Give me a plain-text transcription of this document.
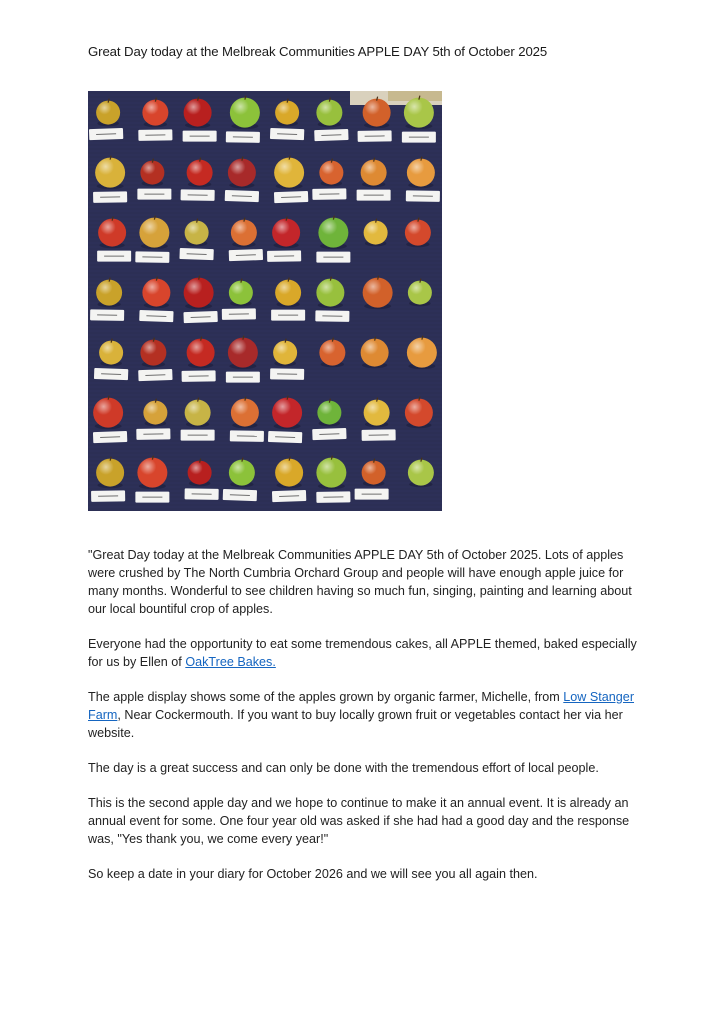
Great Day today at the Melbreak Communities APPLE DAY 5th of October 2025

"Great Day today at the Melbreak Communities APPLE DAY 5th of October 2025. Lots of apples were crushed by The North Cumbria Orchard Group and people will have enough apple juice for many months. Wonderful to see children having so much fun, singing, painting and learning about our local bountiful crop of apples.

Everyone had the opportunity to eat some tremendous cakes, all APPLE themed, baked especially for us by Ellen of OakTree Bakes.

The apple display shows some of the apples grown by organic farmer, Michelle, from Low Stanger Farm, Near Cockermouth. If you want to buy locally grown fruit or vegetables contact her via her website.

The day is a great success and can only be done with the tremendous effort of local people.

This is the second apple day and we hope to continue to make it an annual event. It is already an annual event for some. One four year old was asked if she had had a good day and the response was, "Yes thank you, we come every year!"

So keep a date in your diary for October 2026 and we will see you all again then.
